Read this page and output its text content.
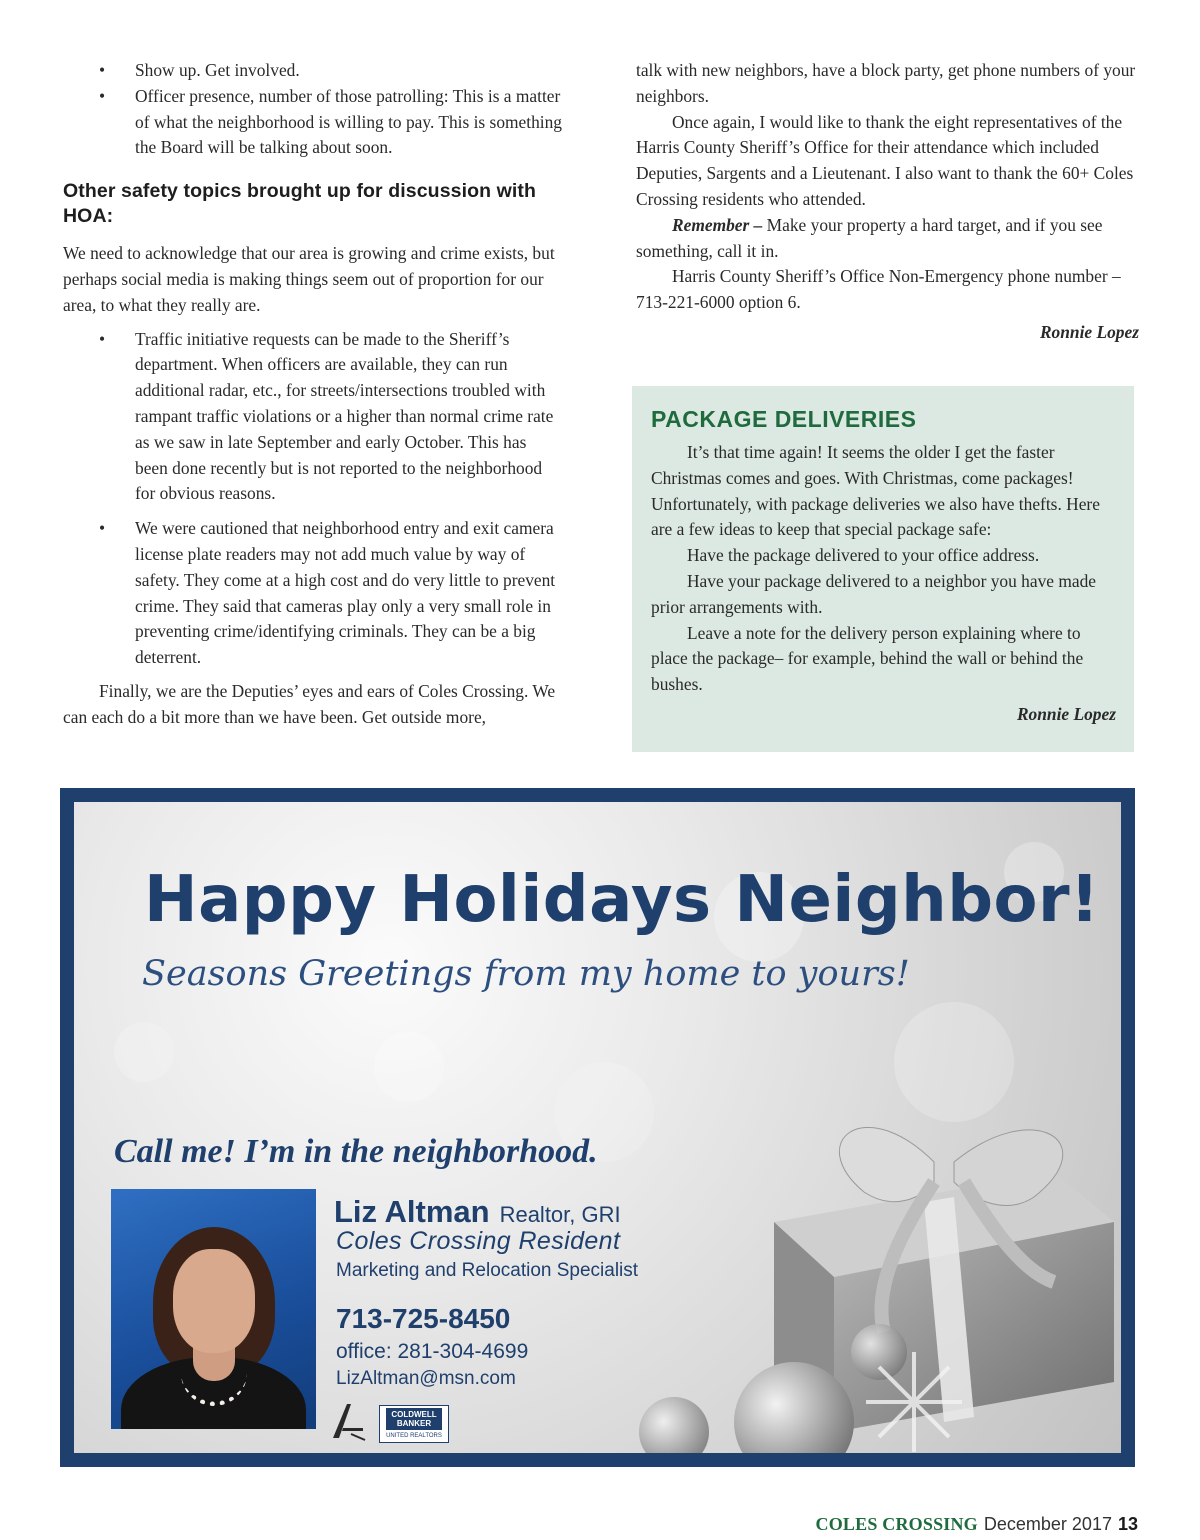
• Show up. Get involved.
• Officer presence, number of those patrolling: This is a matter of what the neighborhood is willing to pay. This is something the Board will be talking about soon.
Other safety topics brought up for discussion with HOA:

We need to acknowledge that our area is growing and crime exists, but perhaps social media is making things seem out of proportion for our area, to what they really are.

• Traffic initiative requests can be made to the Sheriff’s department. When officers are available, they can run additional radar, etc., for streets/intersections troubled with rampant traffic violations or a higher than normal crime rate as we saw in late September and early October. This has been done recently but is not reported to the neighborhood for obvious reasons.
• We were cautioned that neighborhood entry and exit camera license plate readers may not add much value by way of safety. They come at a high cost and do very little to prevent crime. They said that cameras play only a very small role in preventing crime/identifying criminals. They can be a big deterrent.

Finally, we are the Deputies’ eyes and ears of Coles Crossing. We can each do a bit more than we have been. Get outside more,

talk with new neighbors, have a block party, get phone numbers of your neighbors.

Once again, I would like to thank the eight representatives of the Harris County Sheriff’s Office for their attendance which included Deputies, Sargents and a Lieutenant. I also want to thank the 60+ Coles Crossing residents who attended.

Remember – Make your property a hard target, and if you see something, call it in.

Harris County Sheriff’s Office Non-Emergency phone number – 713-221-6000 option 6.

Ronnie Lopez

PACKAGE DELIVERIES

It’s that time again! It seems the older I get the faster Christmas comes and goes. With Christmas, come packages! Unfortunately, with package deliveries we also have thefts. Here are a few ideas to keep that special package safe:

Have the package delivered to your office address.

Have your package delivered to a neighbor you have made prior arrangements with.

Leave a note for the delivery person explaining where to place the package– for example, behind the wall or behind the bushes.

Ronnie Lopez

Happy Holidays Neighbor!
Seasons Greetings from my home to yours!
Call me! I’m in the neighborhood.
Liz Altman Realtor, GRI
Coles Crossing Resident
Marketing and Relocation Specialist
713-725-8450
office: 281-304-4699
LizAltman@msn.com
COLDWELL BANKER
UNITED REALTORS
COLES CROSSING December 2017 13
